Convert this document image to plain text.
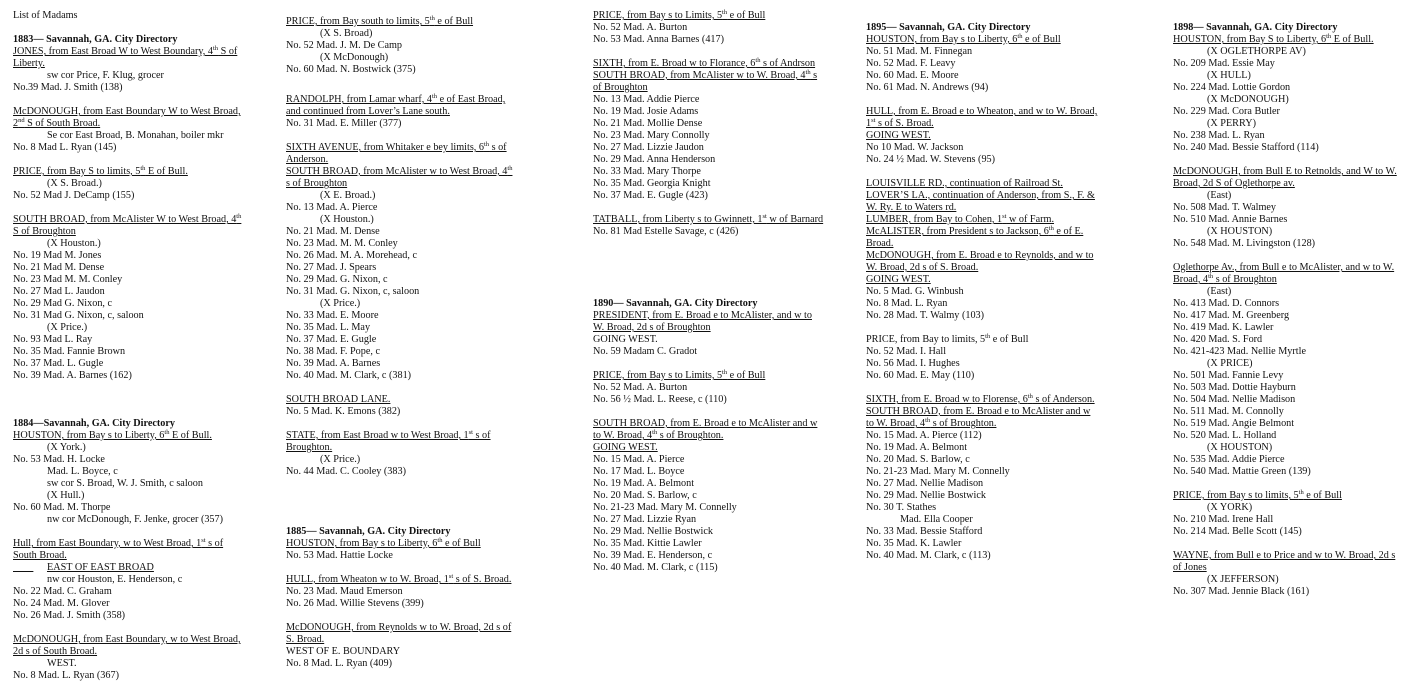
List of Madams
1883— Savannah, GA. City Directory
JONES, from East Broad W to West Boundary, 4th S of
Liberty.
sw cor Price, F. Klug, grocer
No.39 Mad. J. Smith (138)
McDONOUGH, from East Boundary W to West Broad,
2nd S of South Broad.
Se cor East Broad, B. Monahan, boiler mkr
No. 8 Mad L. Ryan (145)
PRICE, from Bay S to limits, 5th E of Bull.
(X S. Broad.)
No. 52 Mad J. DeCamp (155)
SOUTH BROAD, from McAlister W to West Broad, 4th
S of Broughton
(X Houston.)
No. 19 Mad M. Jones
No. 21 Mad M. Dense
No. 23 Mad M. M. Conley
No. 27 Mad L. Jaudon
No. 29 Mad G. Nixon, c
No. 31 Mad G. Nixon, c, saloon
(X Price.)
No. 93 Mad L. Ray
No. 35 Mad. Fannie Brown
No. 37 Mad. L. Gugle
No. 39 Mad. A. Barnes (162)
1884—Savannah, GA. City Directory
HOUSTON, from Bay s to Liberty, 6th E of Bull.
(X York.)
No. 53 Mad. H. Locke
Mad. L. Boyce, c
sw cor S. Broad, W. J. Smith, c saloon
(X Hull.)
No. 60 Mad. M. Thorpe
nw cor McDonough, F. Jenke, grocer (357)
Hull, from East Boundary, w to West Broad, 1st s of
South Broad.
EAST OF EAST BROAD
nw cor Houston, E. Henderson, c
No. 22 Mad. C. Graham
No. 24 Mad. M. Glover
No. 26 Mad. J. Smith (358)
McDONOUGH, from East Boundary, w to West Broad,
2d s of South Broad.
WEST.
No. 8 Mad. L. Ryan (367)
PRICE, from Bay south to limits, 5th e of Bull
(X S. Broad)
No. 52 Mad. J. M. De Camp
(X McDonough)
No. 60 Mad. N. Bostwick (375)
RANDOLPH, from Lamar wharf, 4th e of East Broad,
and continued from Lover’s Lane south.
No. 31 Mad. E. Miller (377)
SIXTH AVENUE, from Whitaker e bey limits, 6th s of
Anderson.
SOUTH BROAD, from McAlister w to West Broad, 4th
s of Broughton
(X E. Broad.)
No. 13 Mad. A. Pierce
(X Houston.)
No. 21 Mad. M. Dense
No. 23 Mad. M. M. Conley
No. 26 Mad. M. A. Morehead, c
No. 27 Mad. J. Spears
No. 29 Mad. G. Nixon, c
No. 31 Mad. G. Nixon, c, saloon
(X Price.)
No. 33 Mad. E. Moore
No. 35 Mad. L. May
No. 37 Mad. E. Gugle
No. 38 Mad. F. Pope, c
No. 39 Mad. A. Barnes
No. 40 Mad. M. Clark, c (381)
SOUTH BROAD LANE.
No. 5 Mad. K. Emons (382)
STATE, from East Broad w to West Broad, 1st s of
Broughton.
(X Price.)
No. 44 Mad. C. Cooley (383)
1885— Savannah, GA. City Directory
HOUSTON, from Bay s to Liberty, 6th e of Bull
No. 53 Mad. Hattie Locke
HULL, from Wheaton w to W. Broad, 1st s of S. Broad.
No. 23 Mad. Maud Emerson
No. 26 Mad. Willie Stevens (399)
McDONOUGH, from Reynolds w to W. Broad, 2d s of
S. Broad.
WEST OF E. BOUNDARY
No. 8 Mad. L. Ryan (409)
PRICE, from Bay s to Limits, 5th e of Bull
No. 52 Mad. A. Burton
No. 53 Mad. Anna Barnes (417)
SIXTH, from E. Broad w to Florance, 6th s of Andrson
SOUTH BROAD, from McAlister w to W. Broad, 4th s
of Broughton
No. 13 Mad. Addie Pierce
No. 19 Mad. Josie Adams
No. 21 Mad. Mollie Dense
No. 23 Mad. Mary Connolly
No. 27 Mad. Lizzie Jaudon
No. 29 Mad. Anna Henderson
No. 33 Mad. Mary Thorpe
No. 35 Mad. Georgia Knight
No. 37 Mad. E. Gugle (423)
TATBALL, from Liberty s to Gwinnett, 1st w of Barnard
No. 81 Mad Estelle Savage, c (426)
1890— Savannah, GA. City Directory
PRESIDENT, from E. Broad e to McAlister, and w to
W. Broad, 2d s of Broughton
GOING WEST.
No. 59 Madam C. Gradot
PRICE, from Bay s to Limits, 5th e of Bull
No. 52 Mad. A. Burton
No. 56 ½ Mad. L. Reese, c (110)
SOUTH BROAD, from E. Broad e to McAlister and w
to W. Broad, 4th s of Broughton.
GOING WEST.
No. 15 Mad. A. Pierce
No. 17 Mad. L. Boyce
No. 19 Mad. A. Belmont
No. 20 Mad. S. Barlow, c
No. 21-23 Mad. Mary M. Connelly
No. 27 Mad. Lizzie Ryan
No. 29 Mad. Nellie Bostwick
No. 35 Mad. Kittie Lawler
No. 39 Mad. E. Henderson, c
No. 40 Mad. M. Clark, c (115)
1895— Savannah, GA. City Directory
HOUSTON, from Bay s to Liberty, 6th e of Bull
No. 51 Mad. M. Finnegan
No. 52 Mad. F. Leavy
No. 60 Mad. E. Moore
No. 61 Mad. N. Andrews (94)
HULL, from E. Broad e to Wheaton, and w to W. Broad,
1st s of S. Broad.
GOING WEST.
No 10 Mad. W. Jackson
No. 24 ½ Mad. W. Stevens (95)
LOUISVILLE RD., continuation of Railroad St.
LOVER’S LA., continuation of Anderson, from S., F. &
W. Ry. E to Waters rd.
LUMBER, from Bay to Cohen, 1st w of Farm.
McALISTER, from President s to Jackson, 6th e of E.
Broad.
McDONOUGH, from E. Broad e to Reynolds, and w to
W. Broad, 2d s of S. Broad.
GOING WEST.
No. 5 Mad. G. Winbush
No. 8 Mad. L. Ryan
No. 28 Mad. T. Walmy (103)
PRICE, from Bay to limits, 5th e of Bull
No. 52 Mad. I. Hall
No. 56 Mad. I. Hughes
No. 60 Mad. E. May (110)
SIXTH, from E. Broad w to Florense, 6th s of Anderson.
SOUTH BROAD, from E. Broad e to McAlister and w
to W. Broad, 4th s of Broughton.
No. 15 Mad. A. Pierce (112)
No. 19 Mad. A. Belmont
No. 20 Mad. S. Barlow, c
No. 21-23 Mad. Mary M. Connelly
No. 27 Mad. Nellie Madison
No. 29 Mad. Nellie Bostwick
No. 30 T. Stathes
Mad. Ella Cooper
No. 33 Mad. Bessie Stafford
No. 35 Mad. K. Lawler
No. 40 Mad. M. Clark, c (113)
1898— Savannah, GA. City Directory
HOUSTON, from Bay S to Liberty, 6th E of Bull.
(X OGLETHORPE AV)
No. 209 Mad. Essie May
(X HULL)
No. 224 Mad. Lottie Gordon
(X McDONOUGH)
No. 229 Mad. Cora Butler
(X PERRY)
No. 238 Mad. L. Ryan
No. 240 Mad. Bessie Stafford (114)
McDONOUGH, from Bull E to Retnolds, and W to W.
Broad, 2d S of Oglethorpe av.
(East)
No. 508 Mad. T. Walmey
No. 510 Mad. Annie Barnes
(X HOUSTON)
No. 548 Mad. M. Livingston (128)
Oglethorpe Av., from Bull e to McAlister, and w to W.
Broad, 4th s of Broughton
(East)
No. 413 Mad. D. Connors
No. 417 Mad. M. Greenberg
No. 419 Mad. K. Lawler
No. 420 Mad. S. Ford
No. 421-423 Mad. Nellie Myrtle
(X PRICE)
No. 501 Mad. Fannie Levy
No. 503 Mad. Dottie Hayburn
No. 504 Mad. Nellie Madison
No. 511 Mad. M. Connolly
No. 519 Mad. Angie Belmont
No. 520 Mad. L. Holland
(X HOUSTON)
No. 535 Mad. Addie Pierce
No. 540 Mad. Mattie Green (139)
PRICE, from Bay s to limits, 5th e of Bull
(X YORK)
No. 210 Mad. Irene Hall
No. 214 Mad. Belle Scott (145)
WAYNE, from Bull e to Price and w to W. Broad, 2d s
of Jones
(X JEFFERSON)
No. 307 Mad. Jennie Black (161)
